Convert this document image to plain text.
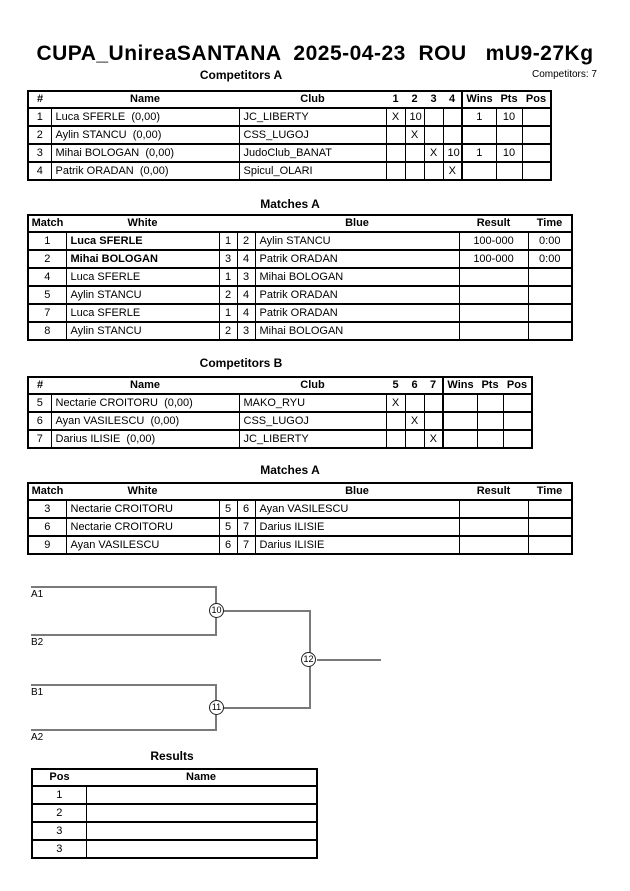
CUPA_UnireaSANTANA  2025-04-23  ROU   mU9-27Kg
Competitors: 7
Competitors A
#	Name	Club	1	2	3	4	Wins	Pts	Pos
1	Luca SFERLE  (0,00)	JC_LIBERTY	X	10			1	10	
2	Aylin STANCU  (0,00)	CSS_LUGOJ		X					
3	Mihai BOLOGAN  (0,00)	JudoClub_BANAT			X	10	1	10	
4	Patrik ORADAN  (0,00)	Spicul_OLARI				X			
Matches A
Match	White			Blue	Result	Time
1	Luca SFERLE	1	2	Aylin STANCU	100-000	0:00
2	Mihai BOLOGAN	3	4	Patrik ORADAN	100-000	0:00
4	Luca SFERLE	1	3	Mihai BOLOGAN		
5	Aylin STANCU	2	4	Patrik ORADAN		
7	Luca SFERLE	1	4	Patrik ORADAN		
8	Aylin STANCU	2	3	Mihai BOLOGAN		
Competitors B
#	Name	Club	5	6	7	Wins	Pts	Pos
5	Nectarie CROITORU  (0,00)	MAKO_RYU	X					
6	Ayan VASILESCU  (0,00)	CSS_LUGOJ		X				
7	Darius ILISIE  (0,00)	JC_LIBERTY			X			
Matches A
Match	White			Blue	Result	Time
3	Nectarie CROITORU	5	6	Ayan VASILESCU		
6	Nectarie CROITORU	5	7	Darius ILISIE		
9	Ayan VASILESCU	6	7	Darius ILISIE		
A1
B2
B1
A2
10
11
12
Results
Pos	Name
1	
2	
3	
3	
